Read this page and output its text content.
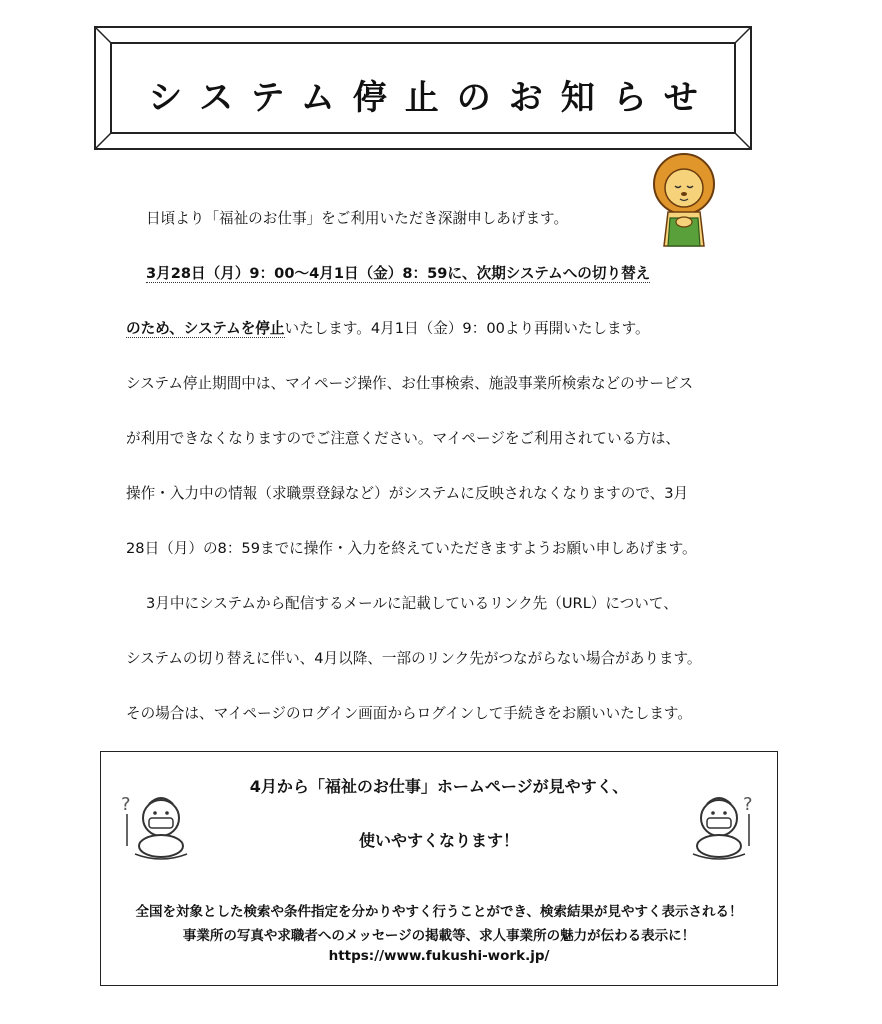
システム停止のお知らせ
日頃より「福祉のお仕事」をご利用いただき深謝申しあげます。
3月28日（月）9：00～4月1日（金）8：59に、次期システムへの切り替え
のため、システムを停止いたします。4月1日（金）9：00より再開いたします。
システム停止期間中は、マイページ操作、お仕事検索、施設事業所検索などのサービス
が利用できなくなりますのでご注意ください。マイページをご利用されている方は、
操作・入力中の情報（求職票登録など）がシステムに反映されなくなりますので、3月
28日（月）の8：59までに操作・入力を終えていただきますようお願い申しあげます。
3月中にシステムから配信するメールに記載しているリンク先（URL）について、
システムの切り替えに伴い、4月以降、一部のリンク先がつながらない場合があります。
その場合は、マイページのログイン画面からログインして手続きをお願いいたします。
?	?
4月から「福祉のお仕事」ホームページが見やすく、
使いやすくなります！
全国を対象とした検索や条件指定を分かりやすく行うことができ、検索結果が見やすく表示される！
事業所の写真や求職者へのメッセージの掲載等、求人事業所の魅力が伝わる表示に！
https://www.fukushi-work.jp/
